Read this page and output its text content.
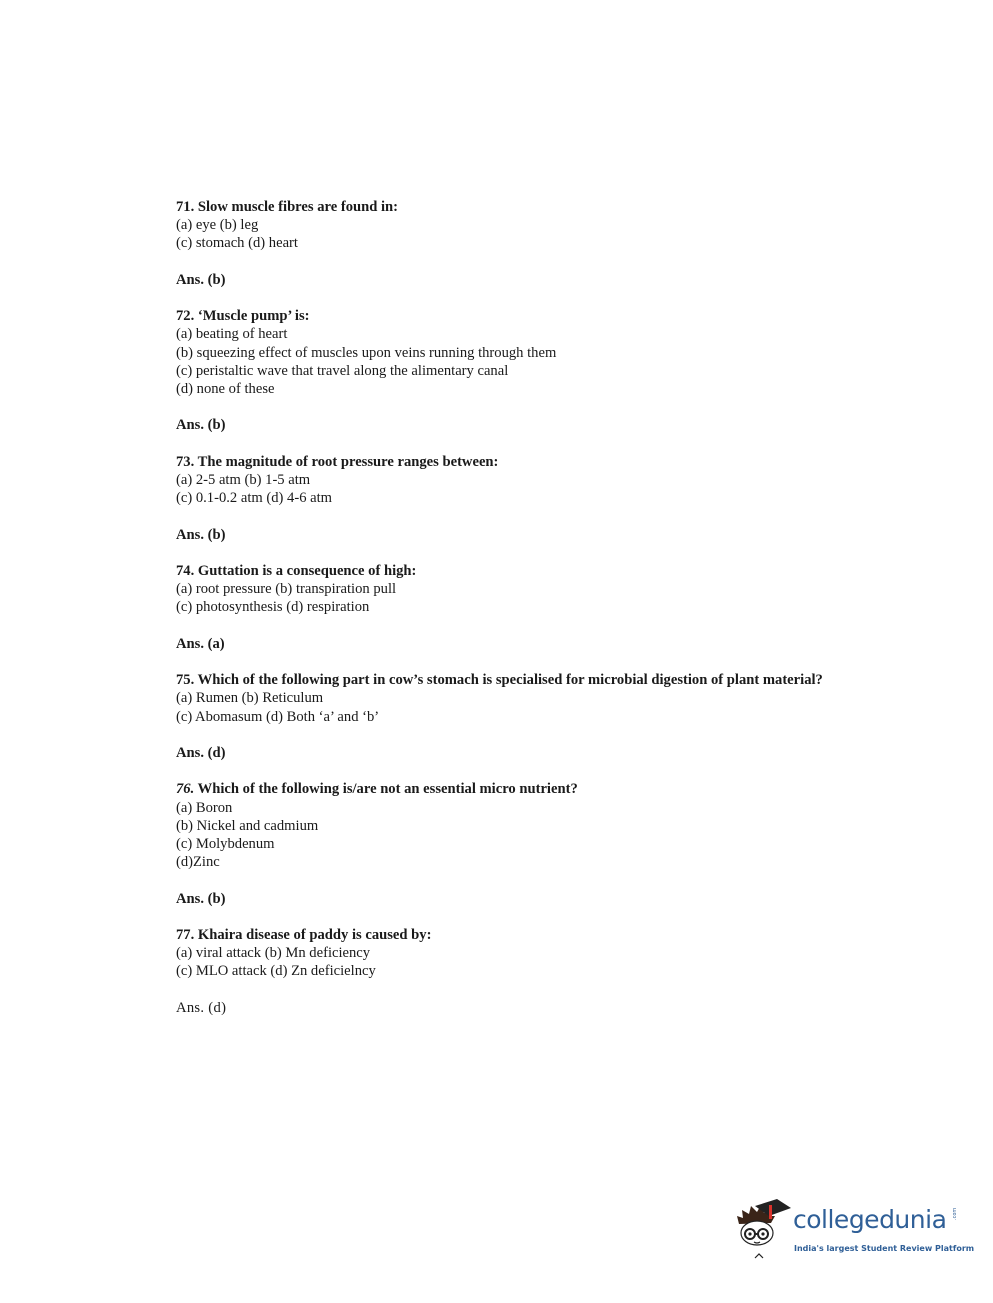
71. Slow muscle fibres are found in:
(a) eye (b) leg
(c) stomach (d) heart
Ans. (b)
72. ‘Muscle pump’ is:
(a) beating of heart
(b) squeezing effect of muscles upon veins running through them
(c) peristaltic wave that travel along the alimentary canal
(d) none of these
Ans. (b)
73. The magnitude of root pressure ranges between:
(a) 2-5 atm (b) 1-5 atm
(c) 0.1-0.2 atm (d) 4-6 atm
Ans. (b)
74. Guttation is a consequence of high:
(a) root pressure (b) transpiration pull
(c) photosynthesis (d) respiration
Ans. (a)
75. Which of the following part in cow’s stomach is specialised for microbial digestion of plant material?
(a) Rumen (b) Reticulum
(c) Abomasum (d) Both ‘a’ and ‘b’
Ans. (d)
76. Which of the following is/are not an essential micro nutrient?
(a) Boron
(b) Nickel and cadmium
(c) Molybdenum
(d)Zinc
Ans. (b)
77. Khaira disease of paddy is caused by:
(a) viral attack (b) Mn deficiency
(c) MLO attack (d) Zn deficielncy
Ans. (d)
collegedunia .com
India's largest Student Review Platform
